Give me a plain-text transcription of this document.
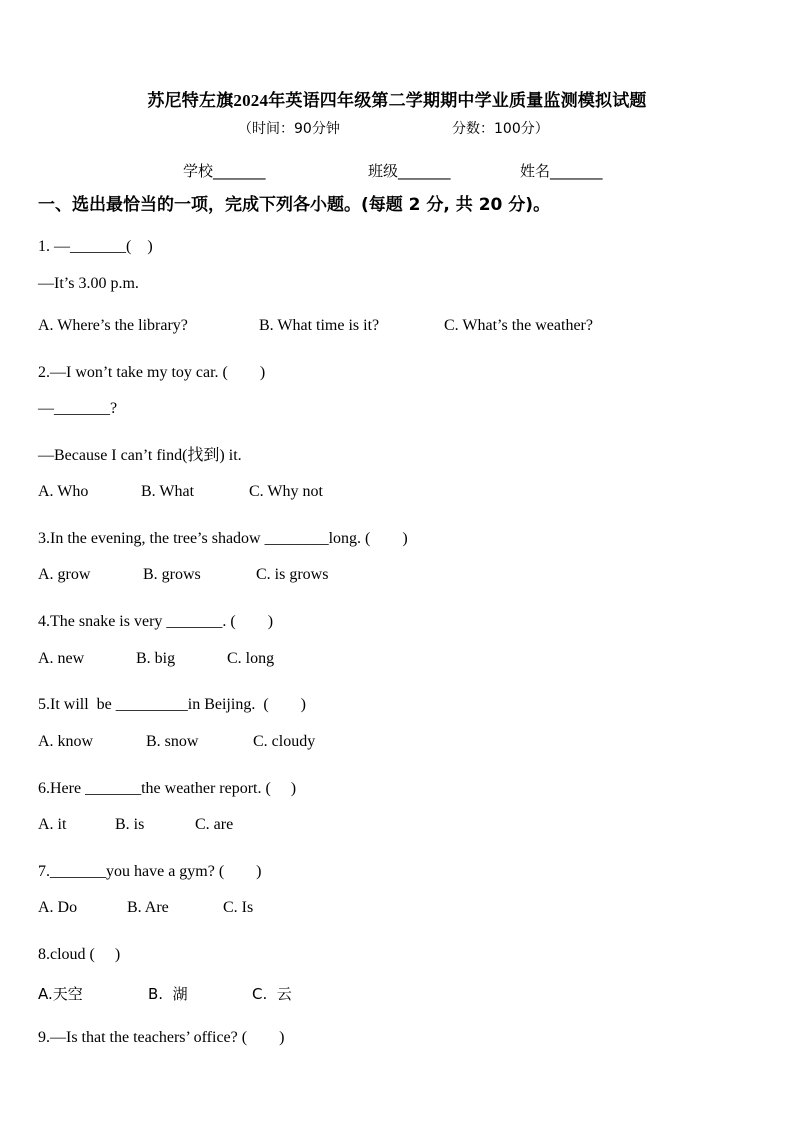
苏尼特左旗2024年英语四年级第二学期期中学业质量监测模拟试题
（时间：90分钟	分数：100分）
学校_______	班级_______	姓名_______
一、选出最恰当的一项，完成下列各小题。(每题 2 分, 共 20 分)。
1. —_______(　)
—It’s 3.00 p.m.
A. Where’s the library?	B. What time is it?	C. What’s the weather?
2.—I won’t take my toy car. (　　)
—_______?
—Because I can’t find(找到) it.
A. Who	B. What	C. Why not
3.In the evening, the tree’s shadow ________long. (　　)
A. grow	B. grows	C. is grows
4.The snake is very _______. (　　)
A. new	B. big	C. long
5.It will  be _________in Beijing.  (　　)
A. know	B. snow	C. cloudy
6.Here _______the weather report. (　 )
A. it	B. is	C. are
7._______you have a gym? (　　)
A. Do	B. Are	C. Is
8.cloud (　 )
A.天空	B.  湖	C.  云
9.—Is that the teachers’ office? (　　)
